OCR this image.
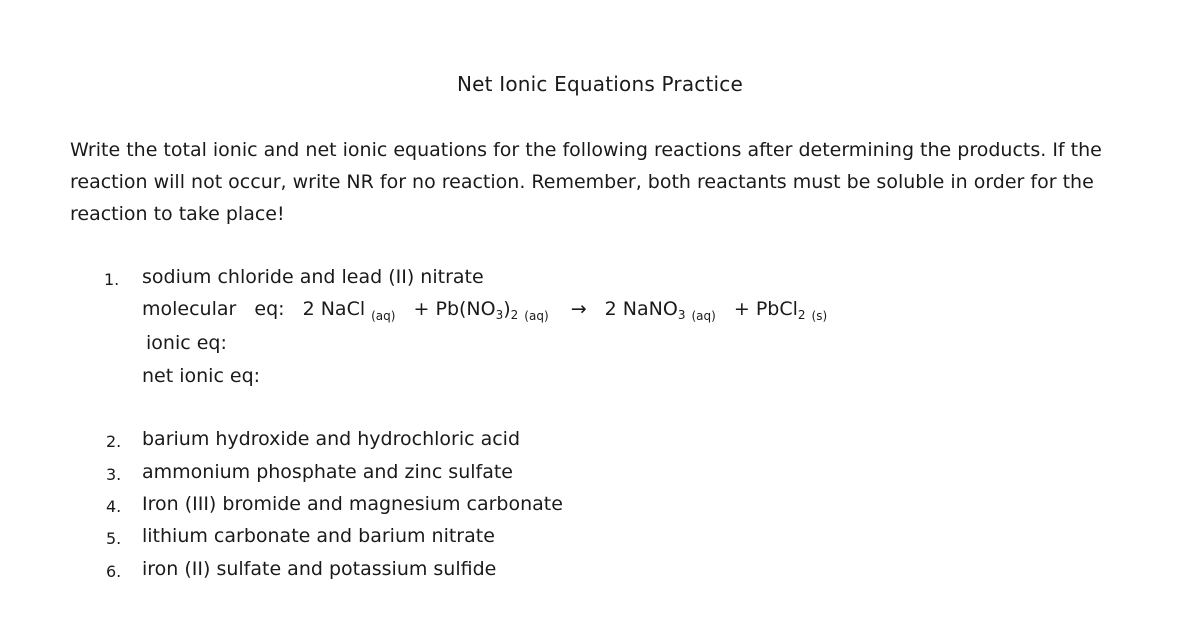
Net Ionic Equations Practice
Write the total ionic and net ionic equations for the following reactions after determining the products. If the reaction will not occur, write NR for no reaction. Remember, both reactants must be soluble in order for the reaction to take place!
1. sodium chloride and lead (II) nitrate
molecular eq: 2 NaCl $_{(aq)} + Pb(NO_3)_2$ $_{(aq)}$ → 2 NaNO$_3$ $_{(aq)}$ + PbCl$_2$ $_{(s)}$
ionic eq:
net ionic eq:
2. barium hydroxide and hydrochloric acid
3. ammonium phosphate and zinc sulfate
4. Iron (III) bromide and magnesium carbonate
5. lithium carbonate and barium nitrate
6. iron (II) sulfate and potassium sulfide
